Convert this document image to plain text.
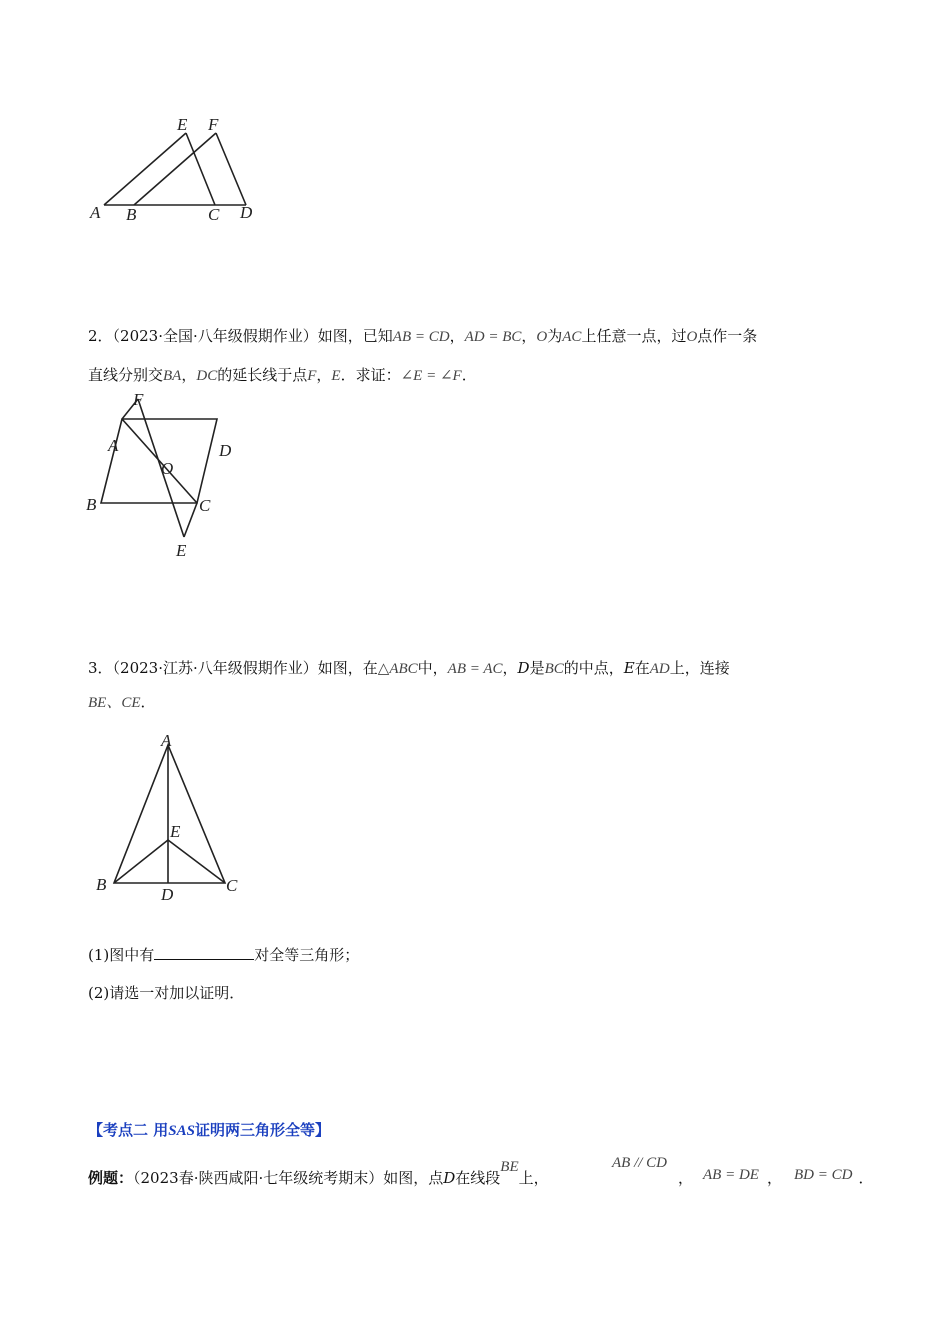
A B	C D
E F
2．（2023·全国·八年级假期作业）如图，已知AB = CD，AD = BC，O为AC上任意一点，过O点作一条
直线分别交BA，DC的延长线于点F，E．求证：∠E = ∠F．
F
A	D
O
B	C
E
3．（2023·江苏·八年级假期作业）如图，在△ABC中，AB = AC，D是BC的中点，E在AD上，连接
BE、CE．
A
E
B	C
D
(1)图中有	对全等三角形；
(2)请选一对加以证明．
【考点二 用SAS证明两三角形全等】
例题：（2023春·陕西咸阳·七年级统考期末）如图，点D在线段BE上，
AB // CD
， AB = DE ， BD = CD ．
